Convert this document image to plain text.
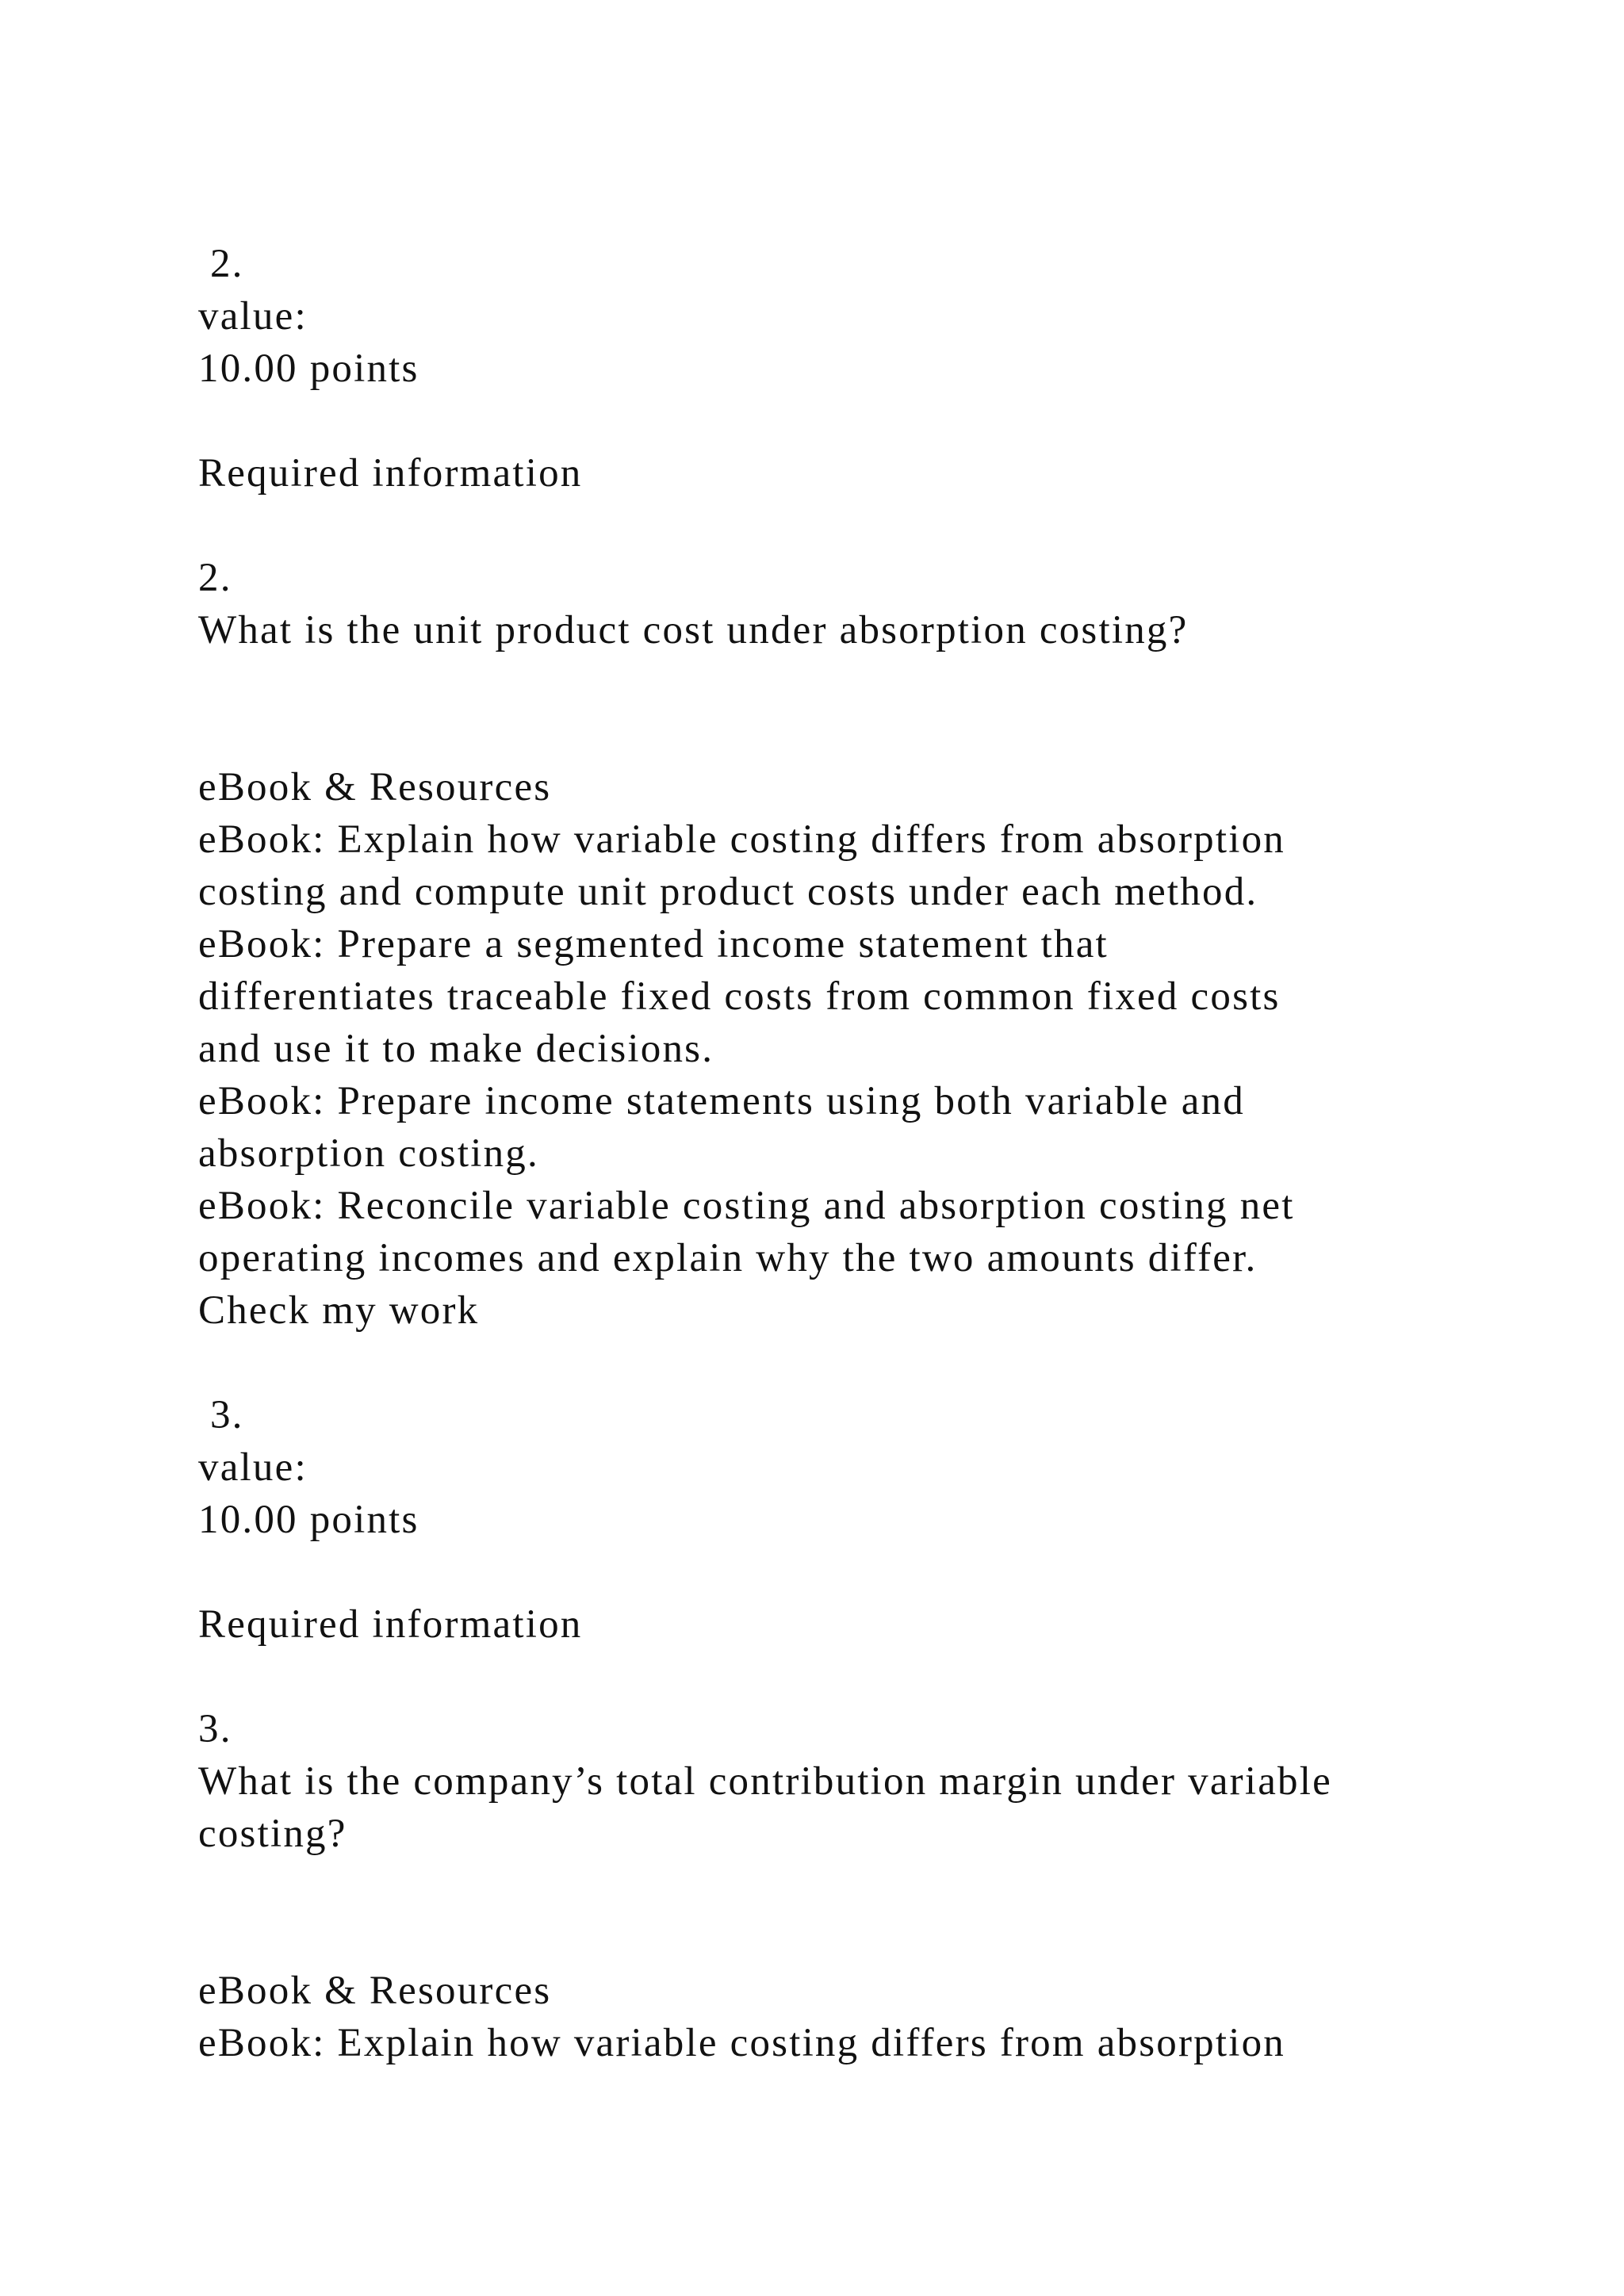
2.
value:
10.00 points
Required information
2.
What is the unit product cost under absorption costing?
eBook & Resources
eBook: Explain how variable costing differs from absorption
costing and compute unit product costs under each method.
eBook: Prepare a segmented income statement that
differentiates traceable fixed costs from common fixed costs
and use it to make decisions.
eBook: Prepare income statements using both variable and
absorption costing.
eBook: Reconcile variable costing and absorption costing net
operating incomes and explain why the two amounts differ.
Check my work
3.
value:
10.00 points
Required information
3.
What is the company’s total contribution margin under variable
costing?
eBook & Resources
eBook: Explain how variable costing differs from absorption
